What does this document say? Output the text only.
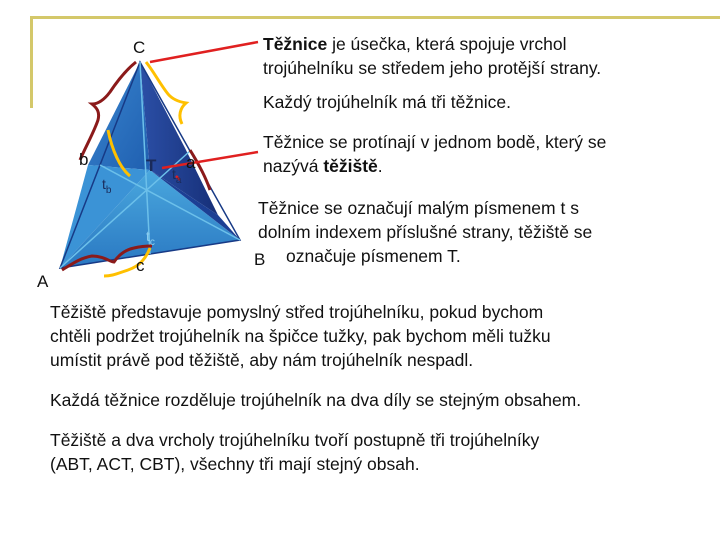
C
A
B
b	a
c
T
$t_b$
$t_a$
$t_c$
Těžnice je úsečka, která spojuje vrchol
trojúhelníku se středem jeho protější strany.
Každý trojúhelník má tři těžnice.
Těžnice se protínají v jednom bodě, který se
nazývá těžiště.
Těžnice se označují malým písmenem t s
dolním indexem příslušné strany, těžiště se
označuje písmenem T.
Těžiště představuje pomyslný střed trojúhelníku, pokud bychom
chtěli podržet trojúhelník na špičce tužky, pak bychom měli tužku
umístit právě pod těžiště, aby nám trojúhelník nespadl.
Každá těžnice rozděluje trojúhelník na dva díly se stejným obsahem.
Těžiště a dva vrcholy trojúhelníku tvoří postupně tři trojúhelníky
(ABT, ACT, CBT), všechny tři mají stejný obsah.
